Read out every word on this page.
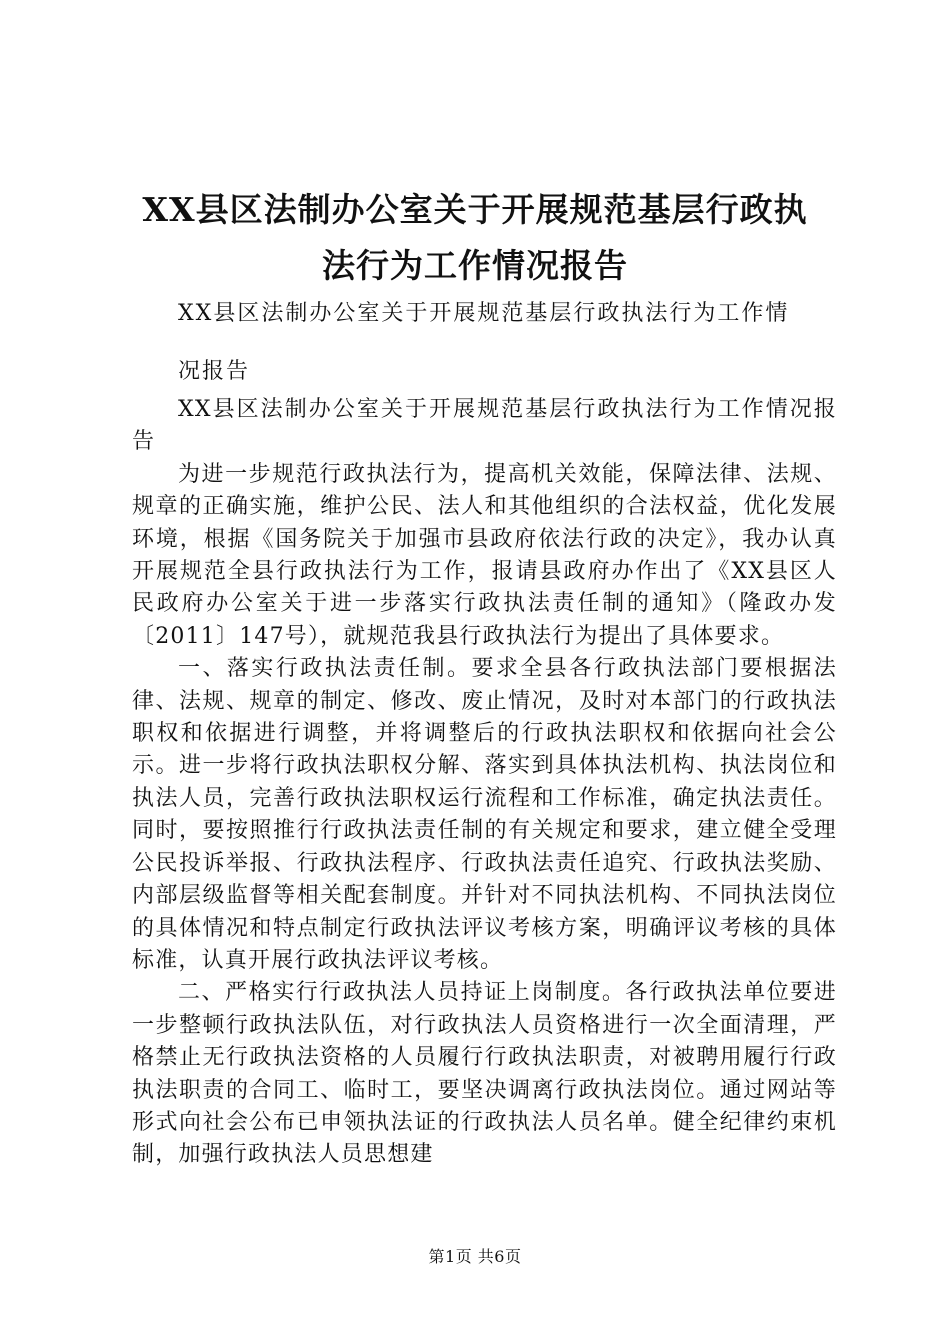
XX县区法制办公室关于开展规范基层行政执
法行为工作情况报告
XX县区法制办公室关于开展规范基层行政执法行为工作情
况报告

XX县区法制办公室关于开展规范基层行政执法行为工作情况报告

为进一步规范行政执法行为，提高机关效能，保障法律、法规、规章的正确实施，维护公民、法人和其他组织的合法权益，优化发展环境，根据《国务院关于加强市县政府依法行政的决定》，我办认真开展规范全县行政执法行为工作，报请县政府办作出了《XX县区人民政府办公室关于进一步落实行政执法责任制的通知》（隆政办发〔2011〕147号），就规范我县行政执法行为提出了具体要求。

一、落实行政执法责任制。要求全县各行政执法部门要根据法律、法规、规章的制定、修改、废止情况，及时对本部门的行政执法职权和依据进行调整，并将调整后的行政执法职权和依据向社会公示。进一步将行政执法职权分解、落实到具体执法机构、执法岗位和执法人员，完善行政执法职权运行流程和工作标准，确定执法责任。同时，要按照推行行政执法责任制的有关规定和要求，建立健全受理公民投诉举报、行政执法程序、行政执法责任追究、行政执法奖励、内部层级监督等相关配套制度。并针对不同执法机构、不同执法岗位的具体情况和特点制定行政执法评议考核方案，明确评议考核的具体标准，认真开展行政执法评议考核。

二、严格实行行政执法人员持证上岗制度。各行政执法单位要进一步整顿行政执法队伍，对行政执法人员资格进行一次全面清理，严格禁止无行政执法资格的人员履行行政执法职责，对被聘用履行行政执法职责的合同工、临时工，要坚决调离行政执法岗位。通过网站等形式向社会公布已申领执法证的行政执法人员名单。健全纪律约束机制，加强行政执法人员思想建

第1页 共6页
